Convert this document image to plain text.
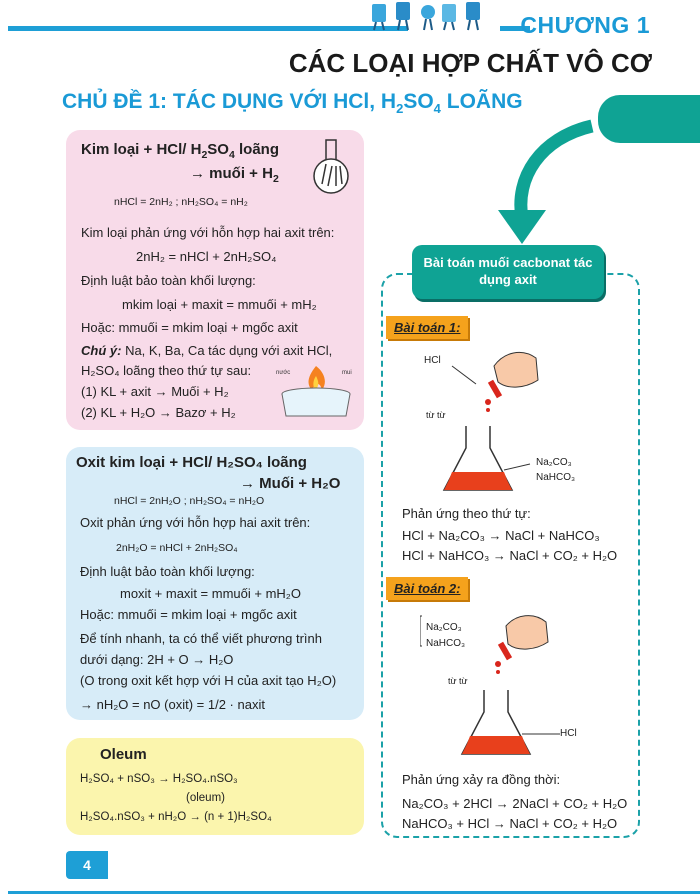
CHƯƠNG 1
CÁC LOẠI HỢP CHẤT VÔ CƠ
CHỦ ĐỀ 1: TÁC DỤNG VỚI HCl, $H_2SO_4$ LOÃNG
Kim loại + HCl/ $H_2SO_4$ loãng
→ muối + $H_2$
nHCl = 2nH₂ ; nH₂SO₄ = nH₂
Kim loại phản ứng với hỗn hợp hai axit trên:
2nH₂ = nHCl + 2nH₂SO₄
Định luật bảo toàn khối lượng:
mkim loại + maxit = mmuối + mH₂
Hoặc: mmuối = mkim loại + mgốc axit
Chú ý: Na, K, Ba, Ca tác dụng với axit HCl,
H₂SO₄ loãng theo thứ tự sau:
(1) KL + axit → Muối + H₂
(2) KL + H₂O → Bazơ + H₂
nước	mui
Oxit kim loại + HCl/ H₂SO₄ loãng
→ Muối + H₂O
nHCl = 2nH₂O ; nH₂SO₄ = nH₂O
Oxit phản ứng với hỗn hợp hai axit trên:
2nH₂O = nHCl + 2nH₂SO₄
Định luật bảo toàn khối lượng:
moxit + maxit = mmuối + mH₂O
Hoặc: mmuối = mkim loại + mgốc axit
Để tính nhanh, ta có thể viết phương trình
dưới dạng: 2H + O → H₂O
(O trong oxit kết hợp với H của axit tạo H₂O)
→ nH₂O = nO (oxit) = 1/2 · naxit
Oleum
H₂SO₄ + nSO₃ → H₂SO₄.nSO₃
(oleum)
H₂SO₄.nSO₃ + nH₂O → (n + 1)H₂SO₄
Bài toán muối cacbonat tác dụng axit
Bài toán 1:
HCl
từ từ
Na₂CO₃
NaHCO₃
Phản ứng theo thứ tự:
HCl + Na₂CO₃ → NaCl + NaHCO₃
HCl + NaHCO₃ → NaCl + CO₂ + H₂O
Bài toán 2:
Na₂CO₃
NaHCO₃
từ từ
HCl
Phản ứng xảy ra đồng thời:
Na₂CO₃ + 2HCl → 2NaCl + CO₂ + H₂O
NaHCO₃ + HCl → NaCl + CO₂ + H₂O
4
